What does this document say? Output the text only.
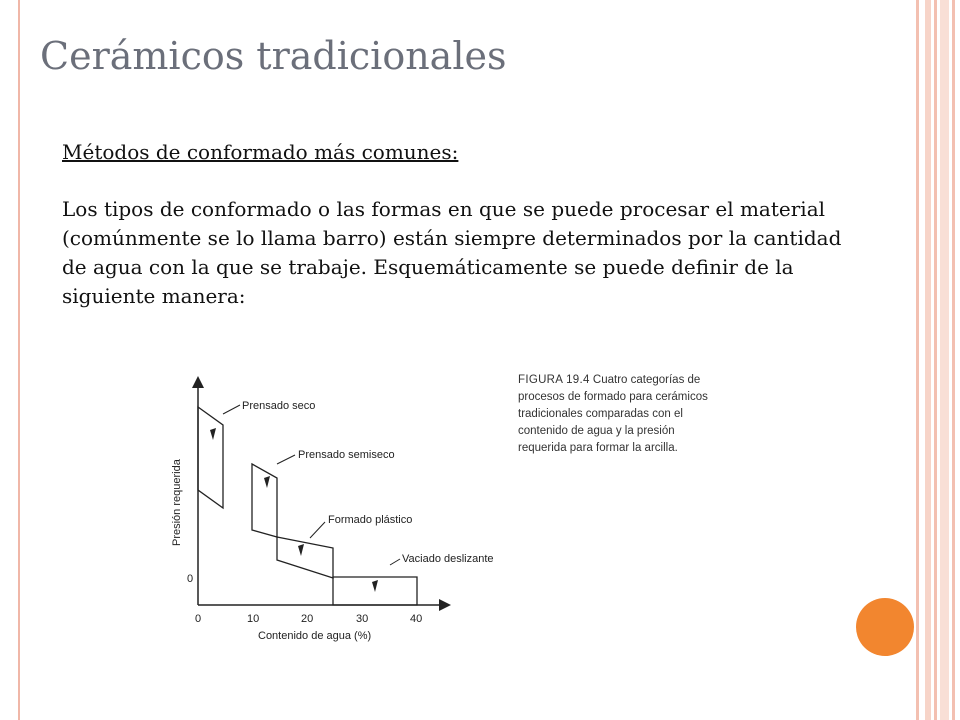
Cerámicos tradicionales

Métodos de conformado más comunes:

Los tipos de conformado o las formas en que se puede procesar el material (comúnmente se lo llama barro) están siempre determinados por la cantidad de agua con la que se trabaje. Esquemáticamente se puede definir de la siguiente manera:

Prensado seco
Prensado semiseco
Formado plástico
Vaciado deslizante
0
0	10	20	30	40
Contenido de agua (%)
Presión requerida
FIGURA 19.4 Cuatro categorías de procesos de formado para cerámicos tradicionales comparadas con el contenido de agua y la presión requerida para formar la arcilla.
